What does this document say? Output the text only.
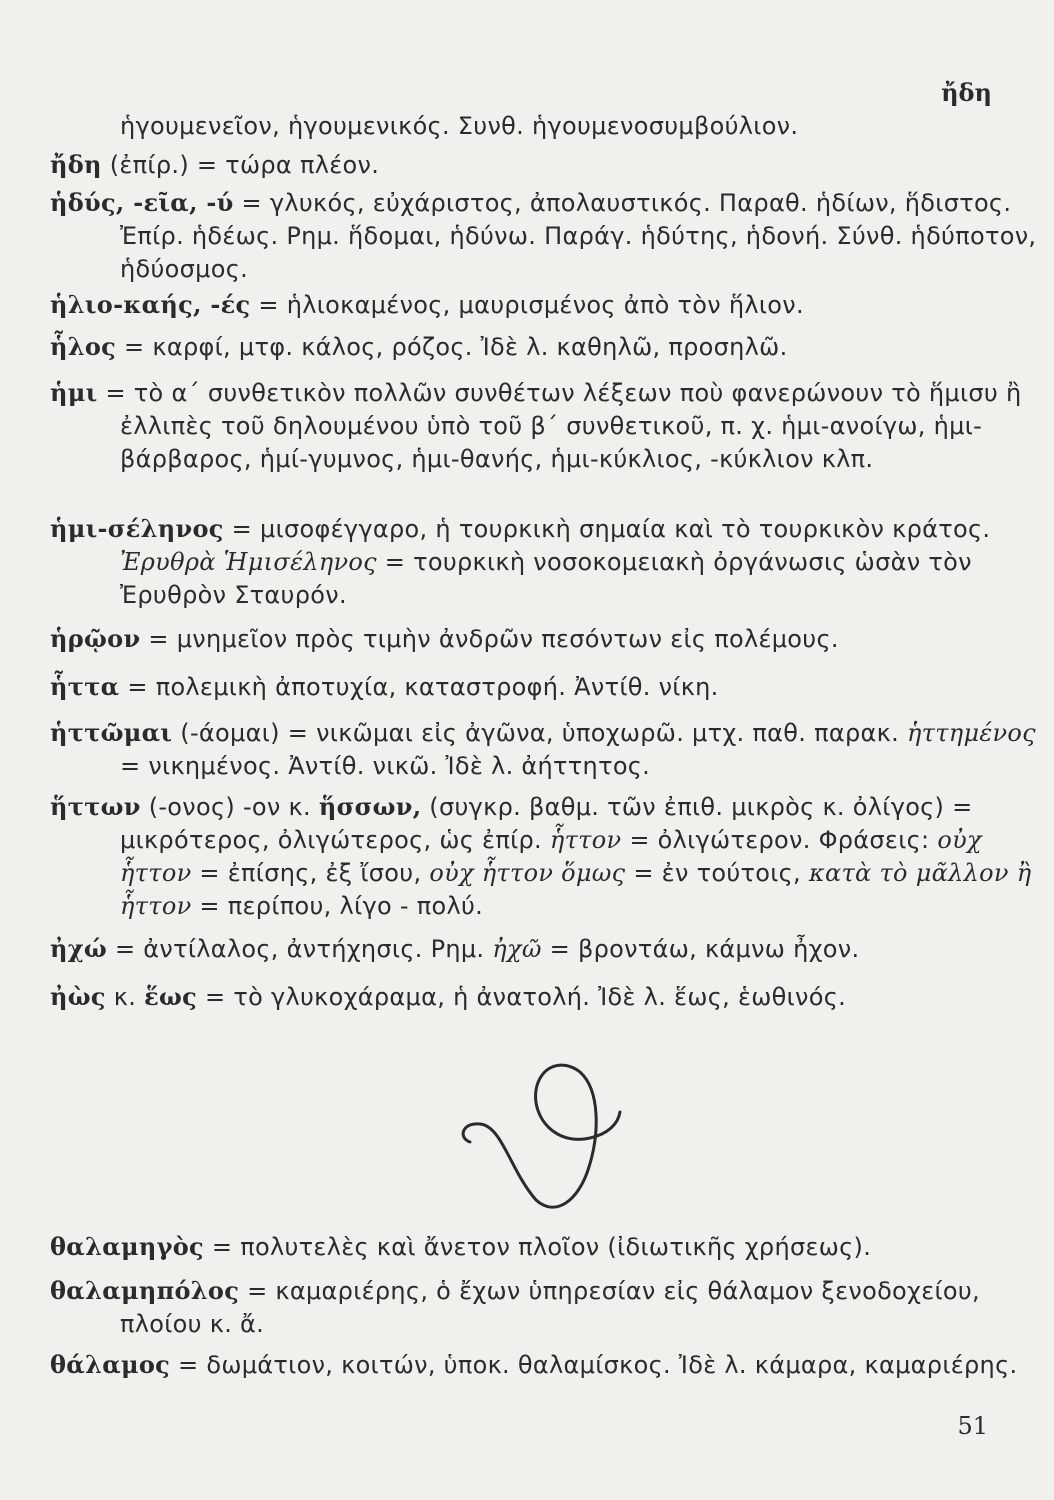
ἤδη
ἡγουμενεῖον, ἡγουμενικός. Συνθ. ἡγουμενοσυμβούλιον.
ἤδη (ἐπίρ.) = τώρα πλέον.
ἡδύς, -εῖα, -ύ = γλυκός, εὐχάριστος, ἀπολαυστικός. Παραθ. ἡδίων, ἥδιστος. Ἐπίρ. ἡδέως. Ρημ. ἥδομαι, ἡδύνω. Παράγ. ἡδύτης, ἡδονή. Σύνθ. ἡδύποτον, ἡδύοσμος.
ἡλιο-καής, -ές = ἡλιοκαμένος, μαυρισμένος ἀπὸ τὸν ἥλιον.
ἧλος = καρφί, μτφ. κάλος, ρόζος. Ἰδὲ λ. καθηλῶ, προσηλῶ.
ἡμι = τὸ α΄ συνθετικὸν πολλῶν συνθέτων λέξεων ποὺ φανερώνουν τὸ ἥμισυ ἢ ἐλλιπὲς τοῦ δηλουμένου ὑπὸ τοῦ β΄ συνθετικοῦ, π. χ. ἡμι-ανοίγω, ἡμι-βάρβαρος, ἡμί-γυμνος, ἡμι-θανής, ἡμι-κύκλιος, -κύκλιον κλπ.
ἡμι-σέληνος = μισοφέγγαρο, ἡ τουρκικὴ σημαία καὶ τὸ τουρκικὸν κράτος. Ἐρυθρὰ Ἡμισέληνος = τουρκικὴ νοσοκομειακὴ ὀργάνωσις ὡσὰν τὸν Ἐρυθρὸν Σταυρόν.
ἡρῷον = μνημεῖον πρὸς τιμὴν ἀνδρῶν πεσόντων εἰς πολέμους.
ἧττα = πολεμικὴ ἀποτυχία, καταστροφή. Ἀντίθ. νίκη.
ἡττῶμαι (-άομαι) = νικῶμαι εἰς ἀγῶνα, ὑποχωρῶ. μτχ. παθ. παρακ. ἡττημένος = νικημένος. Ἀντίθ. νικῶ. Ἰδὲ λ. ἀήττητος.
ἥττων (-ονος) -ον κ. ἥσσων, (συγκρ. βαθμ. τῶν ἐπιθ. μικρὸς κ. ὀλίγος) = μικρότερος, ὀλιγώτερος, ὡς ἐπίρ. ἧττον = ὀλιγώτερον. Φράσεις: οὐχ ἧττον = ἐπίσης, ἐξ ἴσου, οὐχ ἧττον ὅμως = ἐν τούτοις, κατὰ τὸ μᾶλλον ἢ ἧττον = περίπου, λίγο - πολύ.
ἠχώ = ἀντίλαλος, ἀντήχησις. Ρημ. ἠχῶ = βροντάω, κάμνω ἦχον.
ἠὼς κ. ἕως = τὸ γλυκοχάραμα, ἡ ἀνατολή. Ἰδὲ λ. ἕως, ἑωθινός.
θαλαμηγὸς = πολυτελὲς καὶ ἄνετον πλοῖον (ἰδιωτικῆς χρήσεως).
θαλαμηπόλος = καμαριέρης, ὁ ἔχων ὑπηρεσίαν εἰς θάλαμον ξενοδοχείου, πλοίου κ. ἄ.
θάλαμος = δωμάτιον, κοιτών, ὑποκ. θαλαμίσκος. Ἰδὲ λ. κάμαρα, καμαριέρης.
51
